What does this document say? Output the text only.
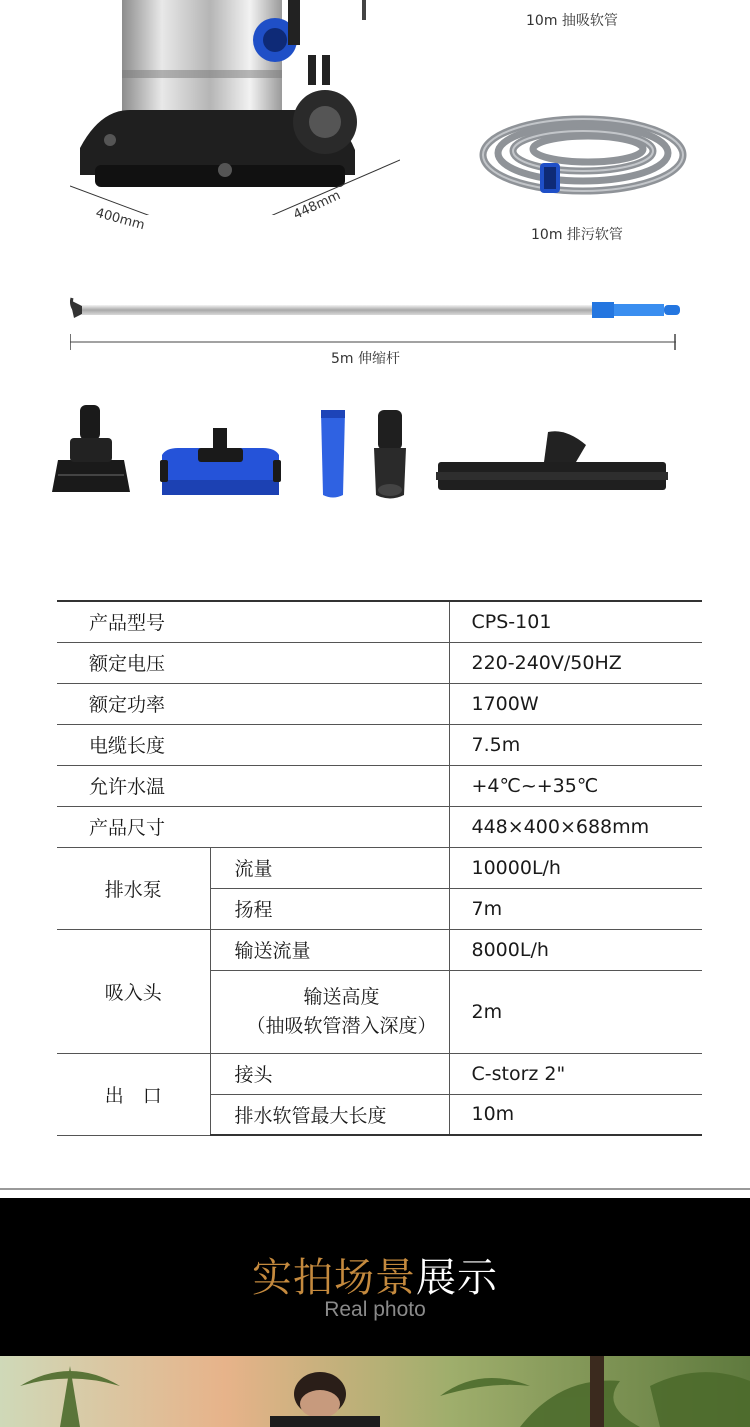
400mm	448mm
10m 抽吸软管
10m 排污软管
5m 伸缩杆
产品型号		CPS-101
额定电压		220-240V/50HZ
额定功率		1700W
电缆长度		7.5m
允许水温		+4℃~+35℃
产品尺寸		448×400×688mm
排水泵	流量	10000L/h
	扬程	7m
吸入头	输送流量	8000L/h

	输送高度
（抽吸软管潜入深度）	2m
出　口	接头	C-storz 2"
	排水软管最大长度	10m
实拍场景展示
Real photo
